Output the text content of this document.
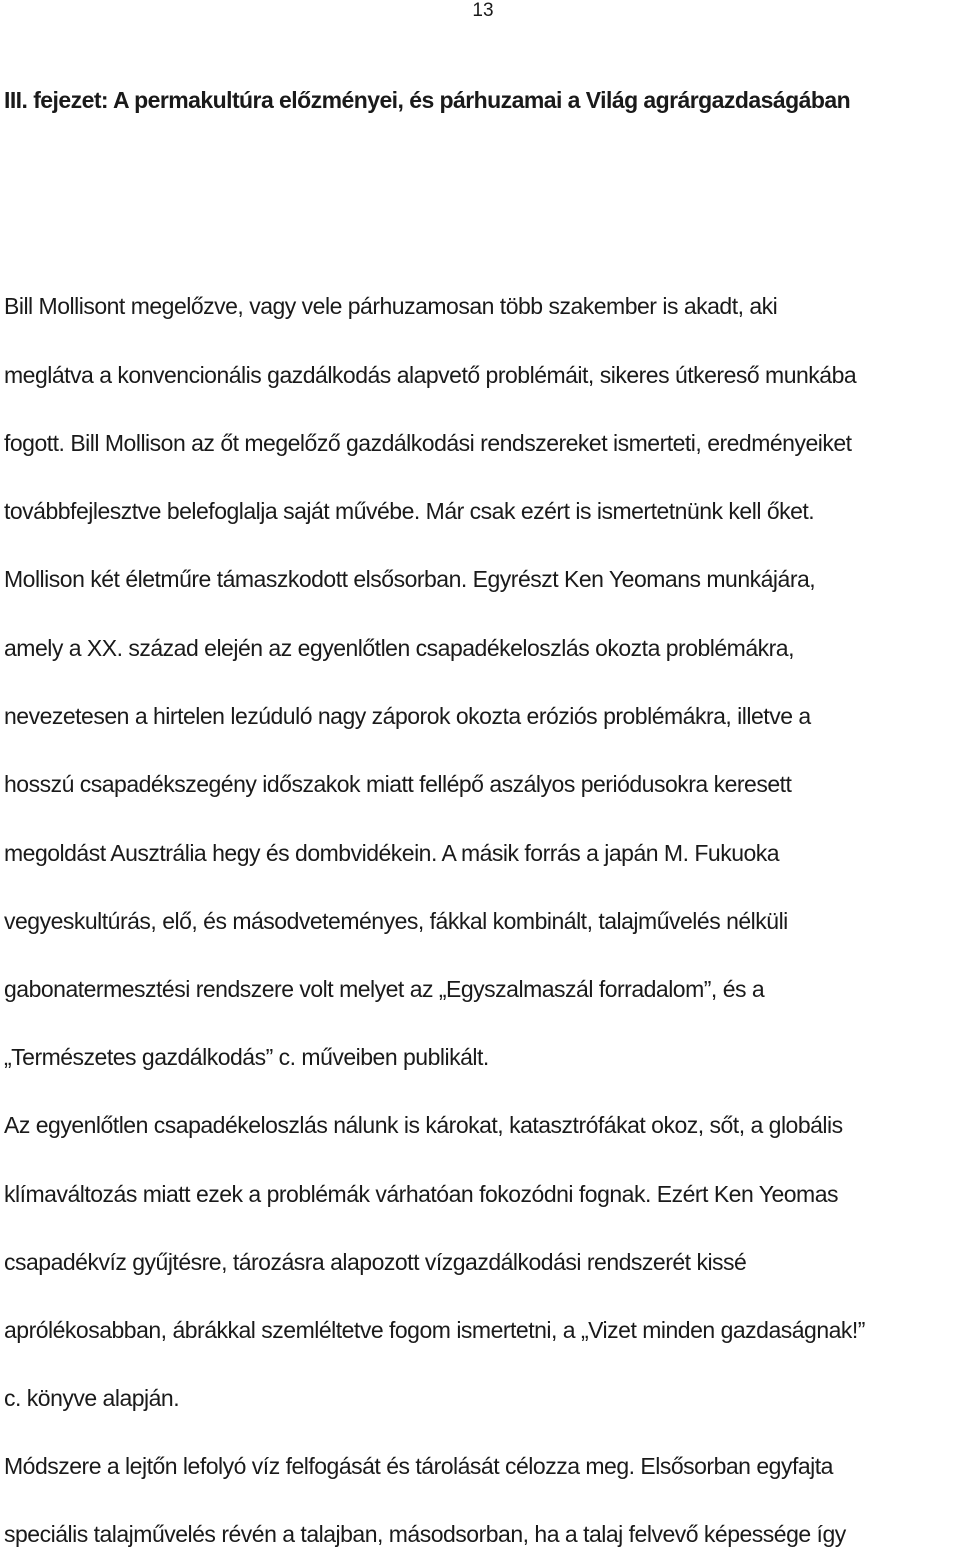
13
III. fejezet: A permakultúra előzményei, és párhuzamai a Világ agrárgazdaságában
Bill Mollisont megelőzve, vagy vele párhuzamosan több szakember is akadt, aki
meglátva a konvencionális gazdálkodás alapvető problémáit, sikeres útkereső munkába
fogott. Bill Mollison az őt megelőző gazdálkodási rendszereket ismerteti, eredményeiket
továbbfejlesztve belefoglalja saját művébe. Már csak ezért is ismertetnünk kell őket.
Mollison két életműre támaszkodott elsősorban. Egyrészt Ken Yeomans munkájára,
amely a XX. század elején az egyenlőtlen csapadékeloszlás okozta problémákra,
nevezetesen a hirtelen lezúduló nagy záporok okozta eróziós problémákra, illetve a
hosszú csapadékszegény időszakok miatt fellépő aszályos periódusokra keresett
megoldást Ausztrália hegy és dombvidékein. A másik forrás a japán M. Fukuoka
vegyeskultúrás, elő, és másodveteményes, fákkal kombinált, talajművelés nélküli
gabonatermesztési rendszere volt melyet az „Egyszalmaszál forradalom”, és a
„Természetes gazdálkodás” c. műveiben publikált.
Az egyenlőtlen csapadékeloszlás nálunk is károkat, katasztrófákat okoz, sőt, a globális
klímaváltozás miatt ezek a problémák várhatóan fokozódni fognak. Ezért Ken Yeomas
csapadékvíz gyűjtésre, tározásra alapozott vízgazdálkodási rendszerét kissé
aprólékosabban, ábrákkal szemléltetve fogom ismertetni, a „Vizet minden gazdaságnak!”
c. könyve alapján.
Módszere a lejtőn lefolyó víz felfogását és tárolását célozza meg. Elsősorban egyfajta
speciális talajművelés révén a talajban, másodsorban, ha a talaj felvevő képessége így
